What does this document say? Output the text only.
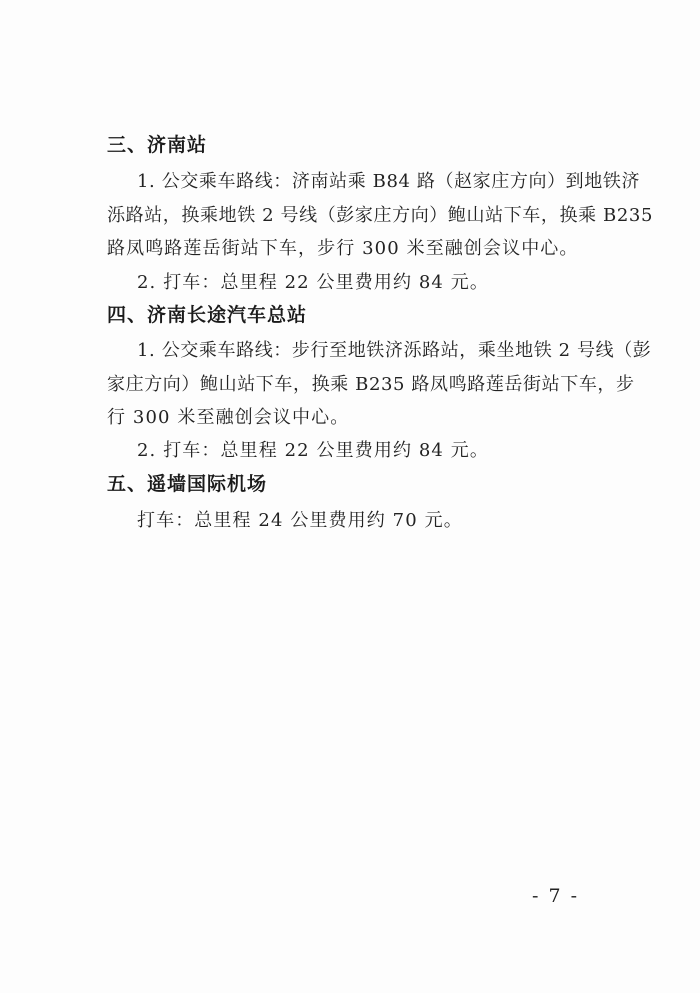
三、济南站
1. 公交乘车路线：济南站乘 B84 路（赵家庄方向）到地铁济
泺路站，换乘地铁 2 号线（彭家庄方向）鲍山站下车，换乘 B235
路凤鸣路莲岳街站下车，步行 300 米至融创会议中心。
2. 打车：总里程 22 公里费用约 84 元。
四、济南长途汽车总站
1. 公交乘车路线：步行至地铁济泺路站，乘坐地铁 2 号线（彭
家庄方向）鲍山站下车，换乘 B235 路凤鸣路莲岳街站下车，步
行 300 米至融创会议中心。
2. 打车：总里程 22 公里费用约 84 元。
五、遥墙国际机场
打车：总里程 24 公里费用约 70 元。
- 7 -
